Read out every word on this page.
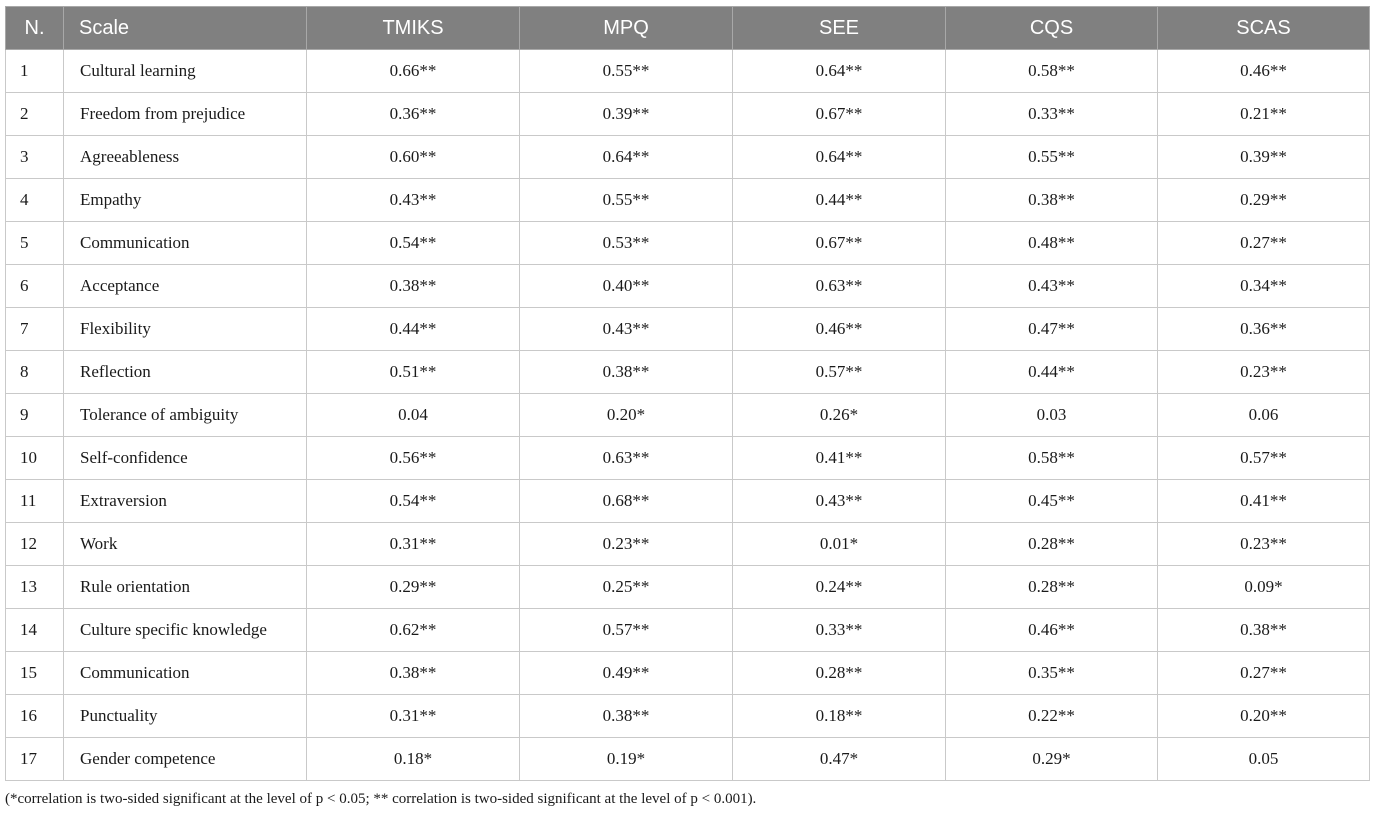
N.	Scale	TMIKS	MPQ	SEE	CQS	SCAS
1	Cultural learning	0.66**	0.55**	0.64**	0.58**	0.46**
2	Freedom from prejudice	0.36**	0.39**	0.67**	0.33**	0.21**
3	Agreeableness	0.60**	0.64**	0.64**	0.55**	0.39**
4	Empathy	0.43**	0.55**	0.44**	0.38**	0.29**
5	Communication	0.54**	0.53**	0.67**	0.48**	0.27**
6	Acceptance	0.38**	0.40**	0.63**	0.43**	0.34**
7	Flexibility	0.44**	0.43**	0.46**	0.47**	0.36**
8	Reflection	0.51**	0.38**	0.57**	0.44**	0.23**
9	Tolerance of ambiguity	0.04	0.20*	0.26*	0.03	0.06
10	Self-confidence	0.56**	0.63**	0.41**	0.58**	0.57**
11	Extraversion	0.54**	0.68**	0.43**	0.45**	0.41**
12	Work	0.31**	0.23**	0.01*	0.28**	0.23**
13	Rule orientation	0.29**	0.25**	0.24**	0.28**	0.09*
14	Culture specific knowledge	0.62**	0.57**	0.33**	0.46**	0.38**
15	Communication	0.38**	0.49**	0.28**	0.35**	0.27**
16	Punctuality	0.31**	0.38**	0.18**	0.22**	0.20**
17	Gender competence	0.18*	0.19*	0.47*	0.29*	0.05
(*correlation is two-sided significant at the level of p < 0.05; ** correlation is two-sided significant at the level of p < 0.001).
